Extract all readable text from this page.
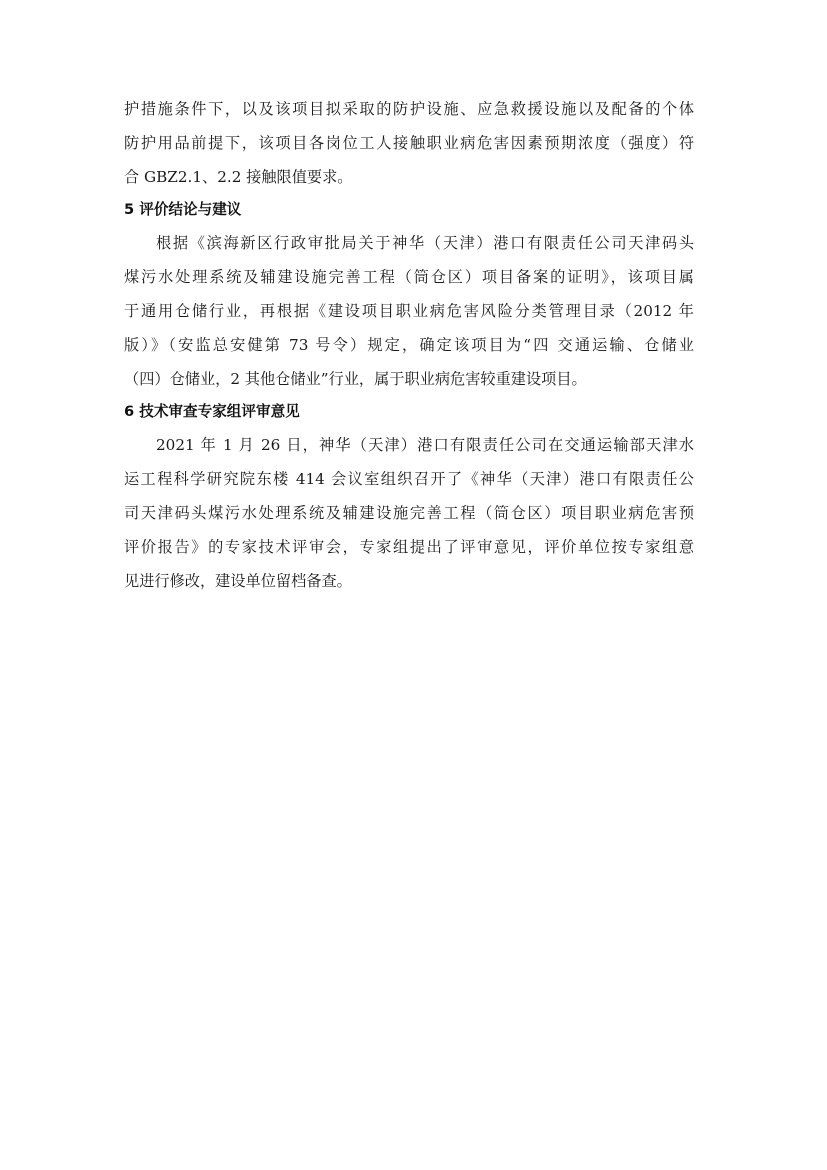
护措施条件下，以及该项目拟采取的防护设施、应急救援设施以及配备的个体
防护用品前提下，该项目各岗位工人接触职业病危害因素预期浓度（强度）符
合 GBZ2.1、2.2 接触限值要求。
5 评价结论与建议
根据《滨海新区行政审批局关于神华（天津）港口有限责任公司天津码头
煤污水处理系统及辅建设施完善工程（筒仓区）项目备案的证明》，该项目属
于通用仓储行业，再根据《建设项目职业病危害风险分类管理目录（2012 年
版）》（安监总安健第 73 号令）规定，确定该项目为“四 交通运输、仓储业
（四）仓储业，2 其他仓储业”行业，属于职业病危害较重建设项目。
6 技术审查专家组评审意见
2021 年 1 月 26 日，神华（天津）港口有限责任公司在交通运输部天津水
运工程科学研究院东楼 414 会议室组织召开了《神华（天津）港口有限责任公
司天津码头煤污水处理系统及辅建设施完善工程（筒仓区）项目职业病危害预
评价报告》的专家技术评审会，专家组提出了评审意见，评价单位按专家组意
见进行修改，建设单位留档备查。
